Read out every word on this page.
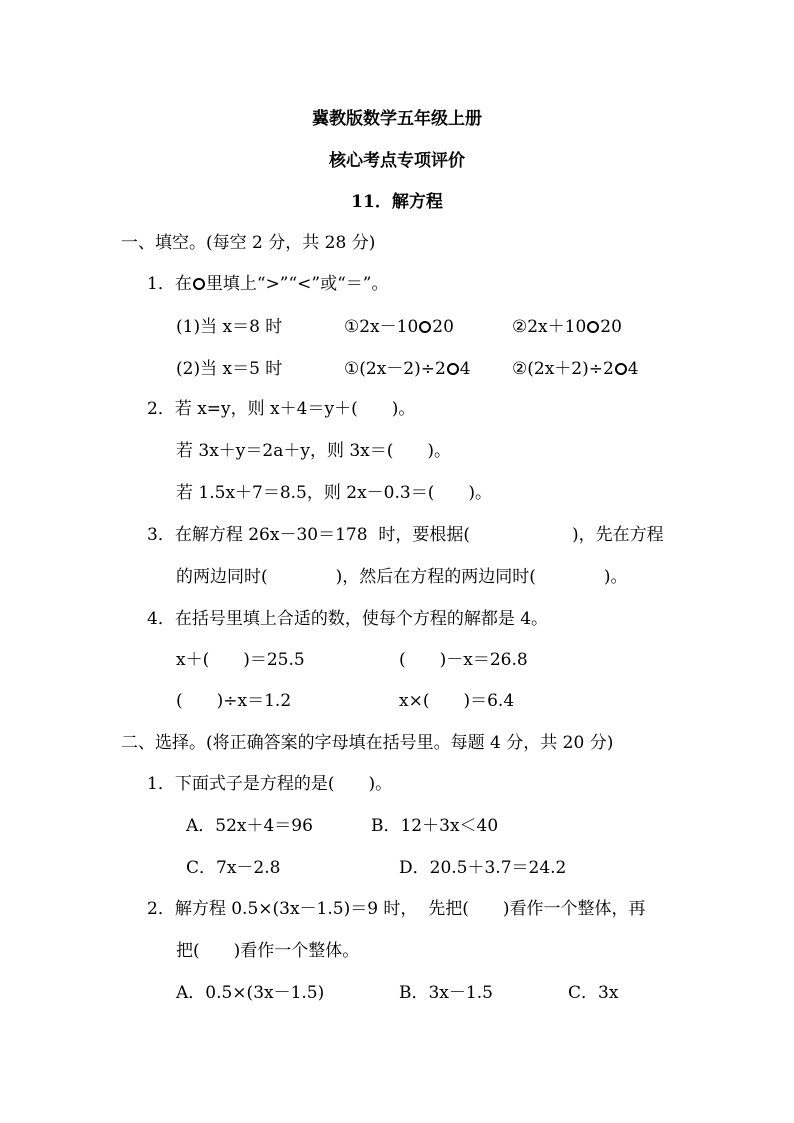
冀教版数学五年级上册
核心考点专项评价
11．解方程
一、填空。(每空 2 分，共 28 分)
1．在 里填上“>”“<”或“＝”。
(1)当 x＝8 时	①2x－10 20	②2x＋10 20
(2)当 x＝5 时	①(2x－2)÷2 4 ②(2x＋2)÷2 4
2．若 x=y，则 x＋4＝y＋(　　)。
若 3x＋y＝2a＋y，则 3x＝(　　)。
若 1.5x＋7＝8.5，则 2x－0.3＝(　　)。
3．在解方程 26x－30＝178  时，要根据(　　　　　　)，先在方程
的两边同时(　　　　)，然后在方程的两边同时(　　　　)。
4．在括号里填上合适的数，使每个方程的解都是 4。
x＋(　　)＝25.5	(　　)－x＝26.8
(　　)÷x＝1.2	x×(　　)＝6.4
二、选择。(将正确答案的字母填在括号里。每题 4 分，共 20 分)
1．下面式子是方程的是(　　)。
A．52x＋4＝96	B．12＋3x＜40
C．7x－2.8	D．20.5＋3.7＝24.2
2．解方程 0.5×(3x－1.5)＝9 时，  先把(　　)看作一个整体，再
把(　　)看作一个整体。
A．0.5×(3x－1.5)	B．3x－1.5	C．3x
